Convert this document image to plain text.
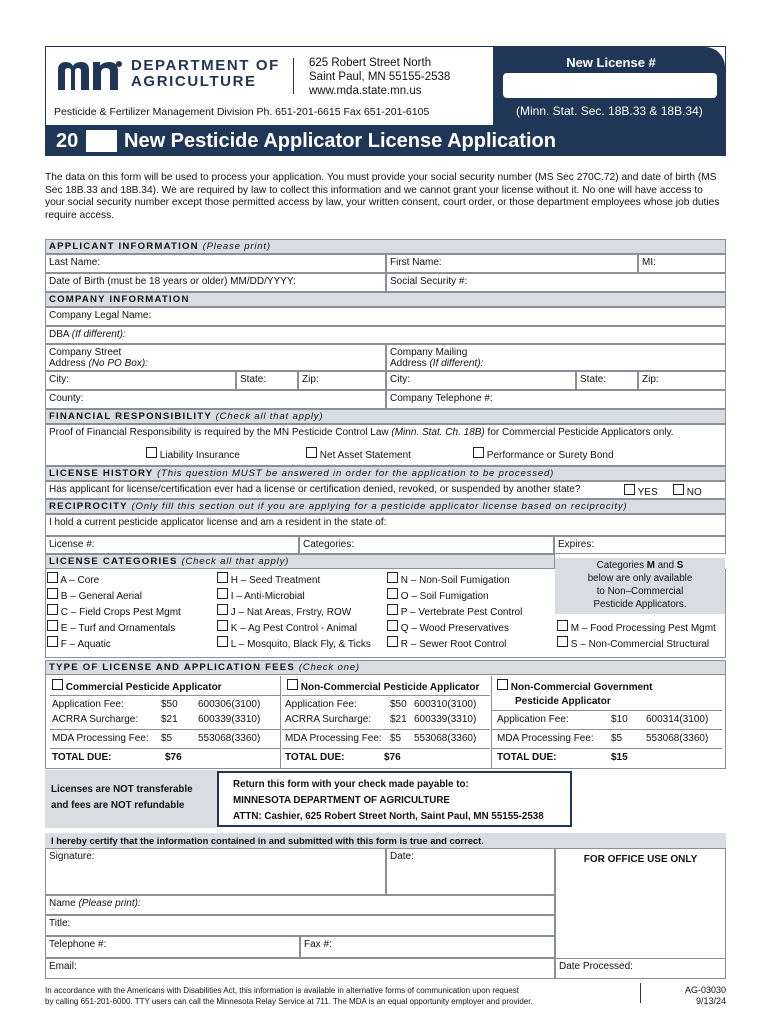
DEPARTMENT OF
AGRICULTURE
625 Robert Street North
Saint Paul, MN 55155-2538
www.mda.state.mn.us
New License #
Pesticide & Fertilizer Management Division Ph. 651-201-6615 Fax 651-201-6105	(Minn. Stat. Sec. 18B.33 & 18B.34)
20 New Pesticide Applicator License Application
The data on this form will be used to process your application. You must provide your social security number (MS Sec 270C.72) and date of birth (MS Sec 18B.33 and 18B.34). We are required by law to collect this information and we cannot grant your license without it. No one will have access to your social security number except those permitted access by law, your written consent, court order, or those department employees whose job duties require access.
APPLICANT INFORMATION (Please print)
Last Name:	First Name:	MI:
Date of Birth (must be 18 years or older) MM/DD/YYYY:	Social Security #:
COMPANY INFORMATION
Company Legal Name:
DBA (If different):
Company Street
Address (No PO Box):
Company Mailing
Address (If different):
City:	State:	Zip:	City:	State:	Zip:
County:	Company Telephone #:
FINANCIAL RESPONSIBILITY (Check all that apply)
Proof of Financial Responsibility is required by the MN Pesticide Control Law (Minn. Stat. Ch. 18B) for Commercial Pesticide Applicators only.
Liability Insurance	Net Asset Statement	Performance or Surety Bond
LICENSE HISTORY (This question MUST be answered in order for the application to be processed)
Has applicant for license/certification ever had a license or certification denied, revoked, or suspended by another state?	YES	NO
RECIPROCITY (Only fill this section out if you are applying for a pesticide applicator license based on reciprocity)
I hold a current pesticide applicator license and am a resident in the state of:
License #:	Categories:	Expires:
LICENSE CATEGORIES (Check all that apply)	Categories M and S
below are only available
to Non–Commercial
Pesticide Applicators.
A – Core
B – General Aerial
C – Field Crops Pest Mgmt
E – Turf and Ornamentals
F – Aquatic
H – Seed Treatment
I – Anti-Microbial
J – Nat Areas, Frstry, ROW
K – Ag Pest Control - Animal
L – Mosquito, Black Fly, & Ticks
N – Non-Soil Fumigation
O – Soil Fumigation
P – Vertebrate Pest Control
Q – Wood Preservatives
R – Sewer Root Control
M – Food Processing Pest Mgmt
S – Non-Commercial Structural
TYPE OF LICENSE AND APPLICATION FEES (Check one)
Commercial Pesticide Applicator
Application Fee:	$50 600306(3100)
ACRRA Surcharge: $21 600339(3310)
MDA Processing Fee: $5	553068(3360)
TOTAL DUE:	$76
Non-Commercial Pesticide Applicator
Application Fee:	$50 600310(3100)
ACRRA Surcharge: $21 600339(3310)
MDA Processing Fee: $5 553068(3360)
TOTAL DUE:	$76
Non-Commercial Government
Pesticide Applicator
Application Fee:	$10 600314(3100)
MDA Processing Fee: $5 553068(3360)
TOTAL DUE:	$15
Licenses are NOT transferable
and fees are NOT refundable
Return this form with your check made payable to:
MINNESOTA DEPARTMENT OF AGRICULTURE
ATTN: Cashier, 625 Robert Street North, Saint Paul, MN 55155-2538
I hereby certify that the information contained in and submitted with this form is true and correct.
Signature:	Date:	FOR OFFICE USE ONLY
Name (Please print):
Title:
Telephone #:	Fax #:
Email:	Date Processed:
In accordance with the Americans with Disabilities Act, this information is available in alternative forms of communication upon request
by calling 651-201-6000. TTY users can call the Minnesota Relay Service at 711. The MDA is an equal opportunity employer and provider.
AG-03030
9/13/24
